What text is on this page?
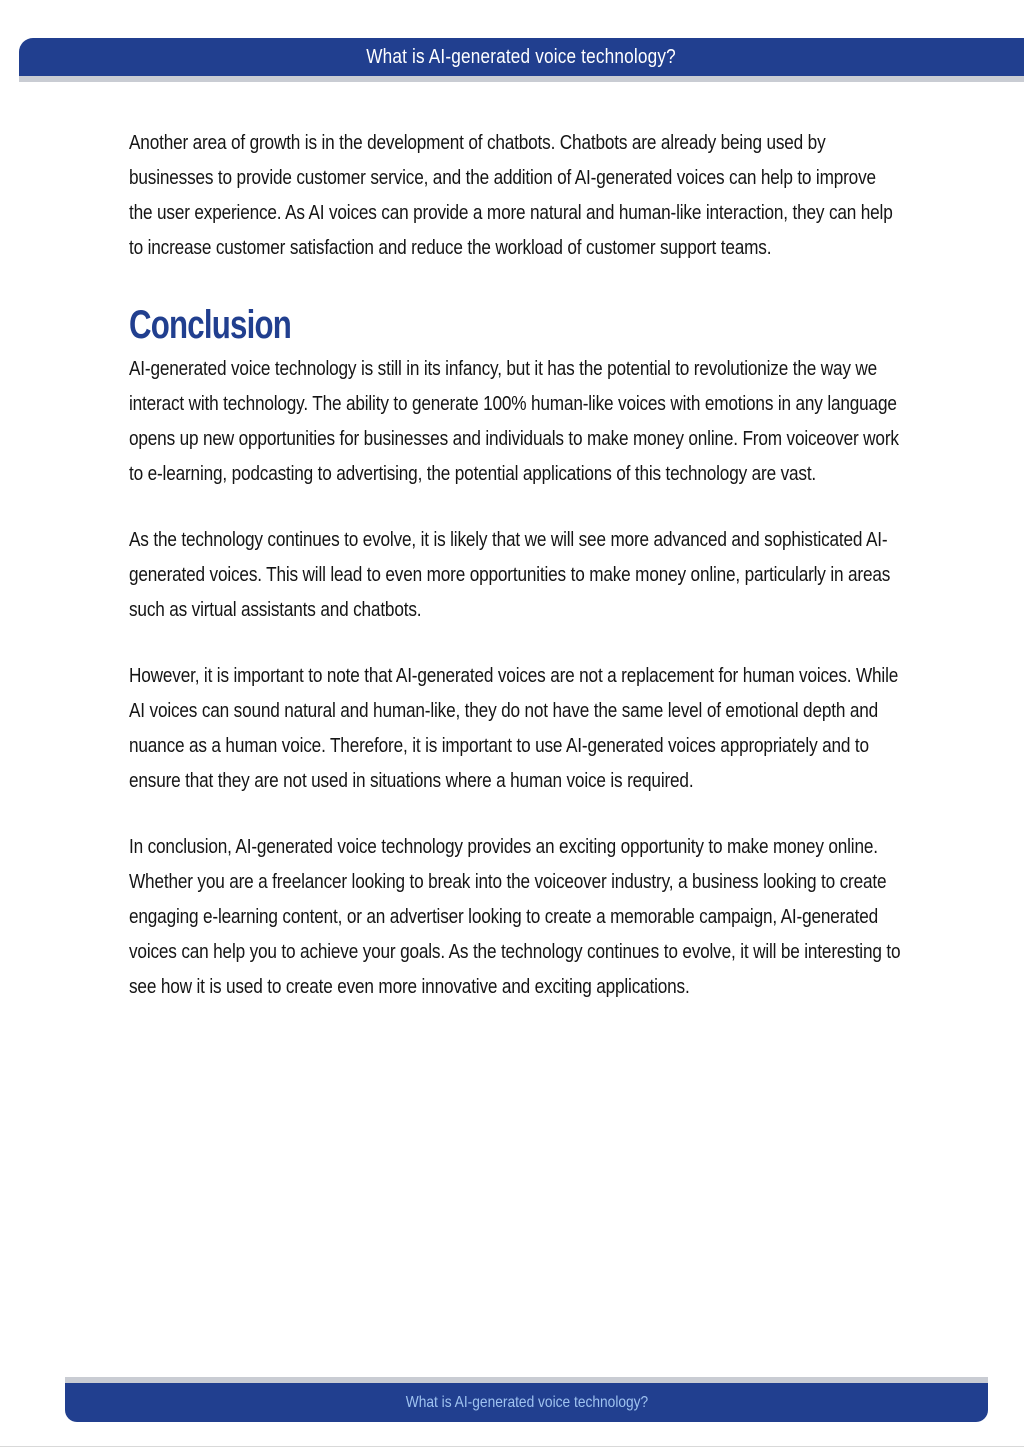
What is AI-generated voice technology?

Another area of growth is in the development of chatbots. Chatbots are already being used by businesses to provide customer service, and the addition of AI-generated voices can help to improve the user experience. As AI voices can provide a more natural and human-like interaction, they can help to increase customer satisfaction and reduce the workload of customer support teams.

Conclusion

AI-generated voice technology is still in its infancy, but it has the potential to revolutionize the way we interact with technology. The ability to generate 100% human-like voices with emotions in any language opens up new opportunities for businesses and individuals to make money online. From voiceover work to e-learning, podcasting to advertising, the potential applications of this technology are vast.

As the technology continues to evolve, it is likely that we will see more advanced and sophisticated AI-generated voices. This will lead to even more opportunities to make money online, particularly in areas such as virtual assistants and chatbots.

However, it is important to note that AI-generated voices are not a replacement for human voices. While AI voices can sound natural and human-like, they do not have the same level of emotional depth and nuance as a human voice. Therefore, it is important to use AI-generated voices appropriately and to ensure that they are not used in situations where a human voice is required.

In conclusion, AI-generated voice technology provides an exciting opportunity to make money online. Whether you are a freelancer looking to break into the voiceover industry, a business looking to create engaging e-learning content, or an advertiser looking to create a memorable campaign, AI-generated voices can help you to achieve your goals. As the technology continues to evolve, it will be interesting to see how it is used to create even more innovative and exciting applications.

What is AI-generated voice technology?
